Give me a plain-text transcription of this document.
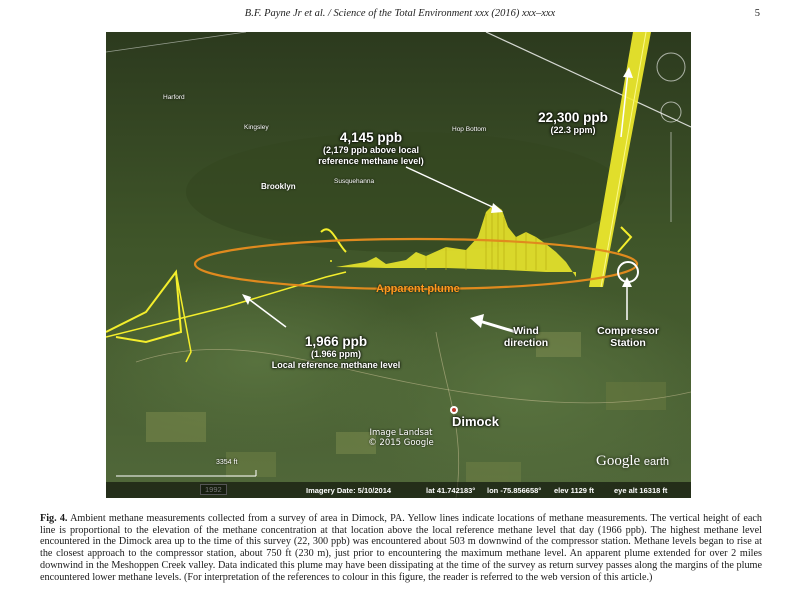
B.F. Payne Jr et al. / Science of the Total Environment xxx (2016) xxx–xxx	5
Harford
Kingsley	Hop Bottom
Susquehanna
Brooklyn
22,300 ppb
(22.3 ppm)
4,145 ppb
(2,179 ppb above local
reference methane level)
1,966 ppb
(1.966 ppm)
Local reference methane level
Apparent plume
Wind
direction
Compressor
Station
Dimock
Image Landsat
© 2015 Google
Google earth
3354 ft
Imagery Date: 5/10/2014	lat 41.742183° lon -75.856658° elev 1129 ft	eye alt 16318 ft
Fig. 4. Ambient methane measurements collected from a survey of area in Dimock, PA. Yellow lines indicate locations of methane measurements. The vertical height of each line is proportional to the elevation of the methane concentration at that location above the local reference methane level that day (1966 ppb). The highest methane level encountered in the Dimock area up to the time of this survey (22, 300 ppb) was encountered about 503 m downwind of the compressor station. Methane levels began to rise at the closest approach to the compressor station, about 750 ft (230 m), just prior to encountering the maximum methane level. An apparent plume extended for over 2 miles downwind in the Meshoppen Creek valley. Data indicated this plume may have been dissipating at the time of the survey as return survey passes along the margins of the plume encountered lower methane levels. (For interpretation of the references to colour in this figure, the reader is referred to the web version of this article.)
